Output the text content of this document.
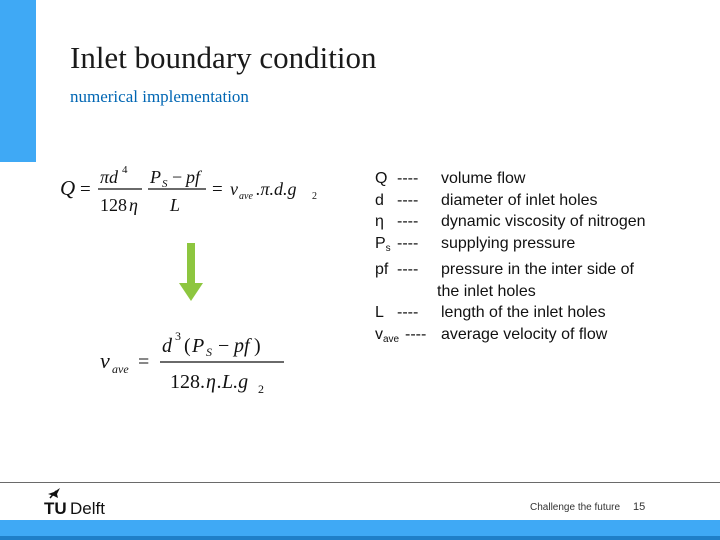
Inlet boundary condition
numerical implementation
Q =
πd 4
128 η
P S − pf
L
= v ave .π.d.g 2
v ave =
d 3 ( P S − pf )
128. η .L.g 2
Q ----	volume flow
d ----	diameter of inlet holes
η ----	dynamic viscosity of nitrogen
$P_s$ ----	supplying pressure
pf ----	pressure in the inter side of
the inlet holes
L ----	length of the inlet holes
$v_{ave}$ ---- average velocity of flow
TU Delft	Challenge the future 15
